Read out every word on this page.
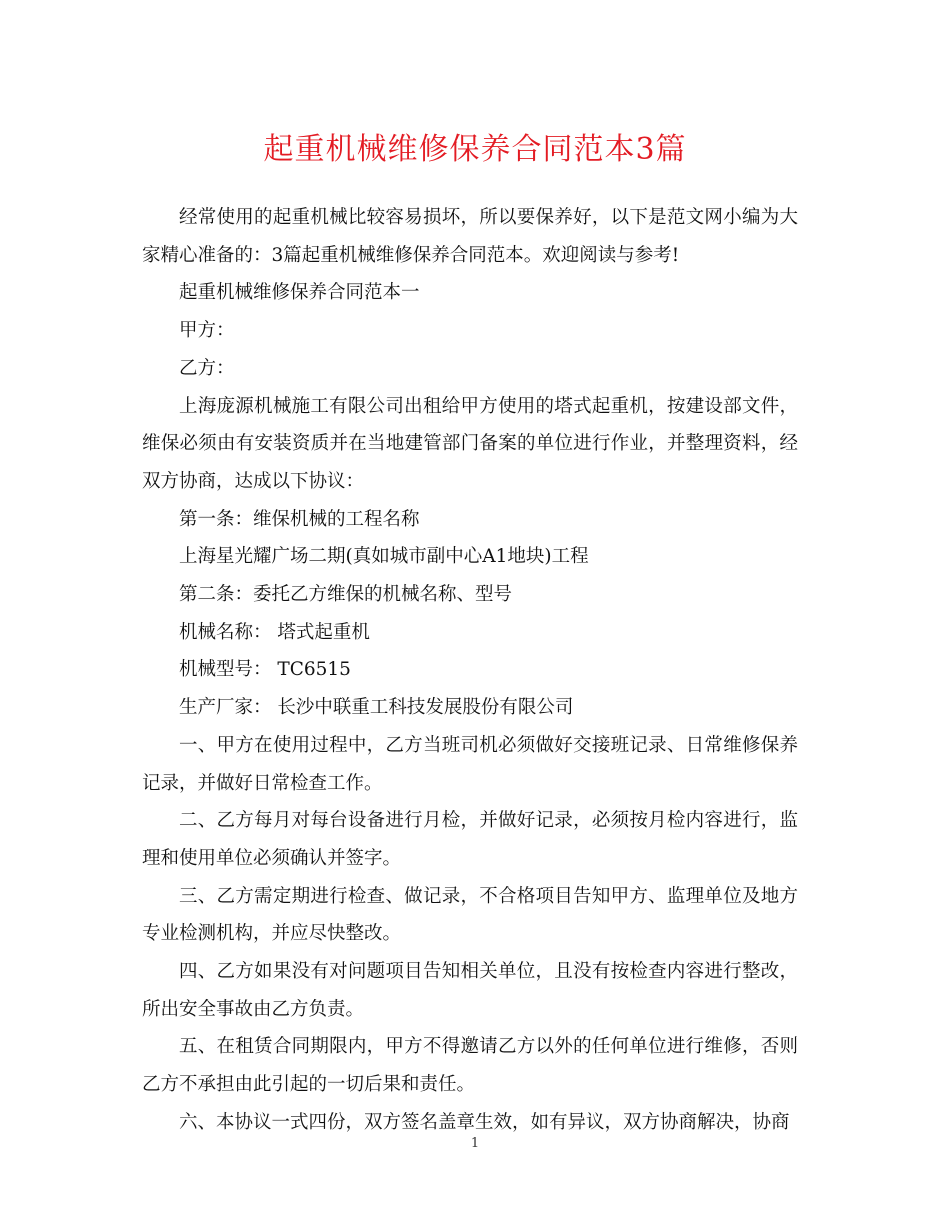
起重机械维修保养合同范本3篇

经常使用的起重机械比较容易损坏，所以要保养好，以下是范文网小编为大家精心准备的：3篇起重机械维修保养合同范本。欢迎阅读与参考!

起重机械维修保养合同范本一

甲方：

乙方：

上海庞源机械施工有限公司出租给甲方使用的塔式起重机，按建设部文件，维保必须由有安装资质并在当地建管部门备案的单位进行作业，并整理资料，经双方协商，达成以下协议：

第一条：维保机械的工程名称

上海星光耀广场二期(真如城市副中心A1地块)工程

第二条：委托乙方维保的机械名称、型号

机械名称： 塔式起重机

机械型号： TC6515

生产厂家： 长沙中联重工科技发展股份有限公司

一、甲方在使用过程中，乙方当班司机必须做好交接班记录、日常维修保养记录，并做好日常检查工作。

二、乙方每月对每台设备进行月检，并做好记录，必须按月检内容进行，监理和使用单位必须确认并签字。

三、乙方需定期进行检查、做记录，不合格项目告知甲方、监理单位及地方专业检测机构，并应尽快整改。

四、乙方如果没有对问题项目告知相关单位，且没有按检查内容进行整改，所出安全事故由乙方负责。

五、在租赁合同期限内，甲方不得邀请乙方以外的任何单位进行维修，否则乙方不承担由此引起的一切后果和责任。

六、本协议一式四份，双方签名盖章生效，如有异议，双方协商解决，协商

1
